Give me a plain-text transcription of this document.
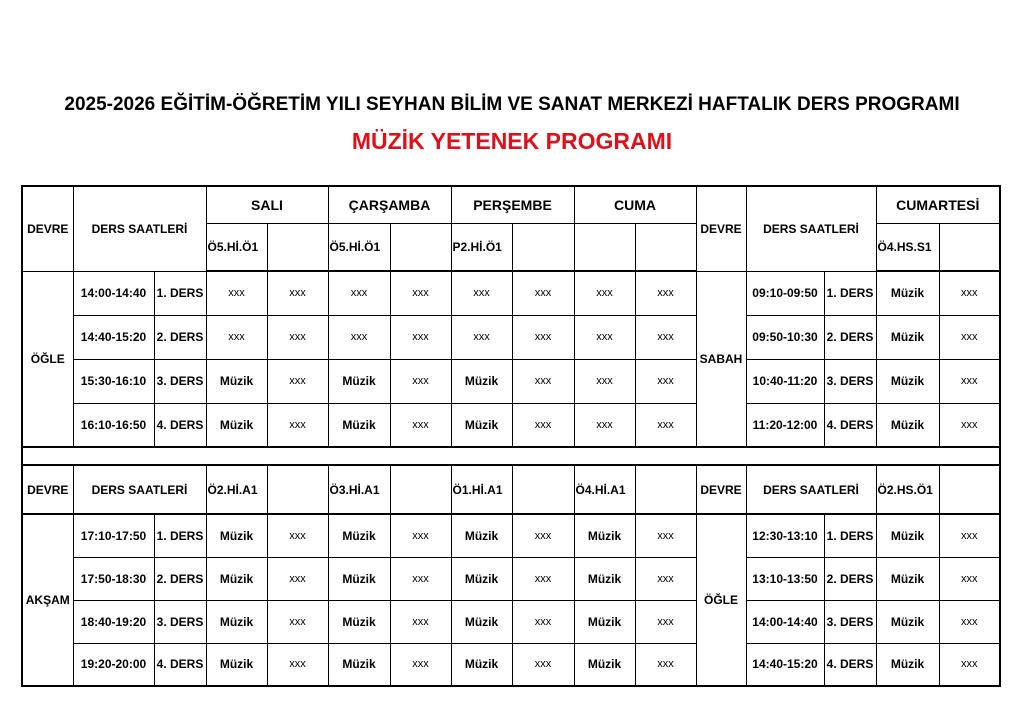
2025-2026 EĞİTİM-ÖĞRETİM YILI SEYHAN BİLİM VE SANAT MERKEZİ HAFTALIK DERS PROGRAMI
MÜZİK YETENEK PROGRAMI
DEVRE	DERS SAATLERİ		SALI		ÇARŞAMBA		PERŞEMBE		CUMA		DEVRE	DERS SAATLERİ		CUMARTESİ	
			Ö5.Hİ.Ö1		Ö5.Hİ.Ö1		P2.Hİ.Ö1							Ö4.HS.S1	
ÖĞLE	14:00-14:40	1. DERS	xxx	xxx	xxx	xxx	xxx	xxx	xxx	xxx	SABAH	09:10-09:50	1. DERS	Müzik	xxx
	14:40-15:20	2. DERS	xxx	xxx	xxx	xxx	xxx	xxx	xxx	xxx		09:50-10:30	2. DERS	Müzik	xxx
	15:30-16:10	3. DERS	Müzik	xxx	Müzik	xxx	Müzik	xxx	xxx	xxx		10:40-11:20	3. DERS	Müzik	xxx
	16:10-16:50	4. DERS	Müzik	xxx	Müzik	xxx	Müzik	xxx	xxx	xxx		11:20-12:00	4. DERS	Müzik	xxx
DEVRE	DERS SAATLERİ		Ö2.Hİ.A1		Ö3.Hİ.A1		Ö1.Hİ.A1		Ö4.Hİ.A1		DEVRE	DERS SAATLERİ		Ö2.HS.Ö1	
AKŞAM	17:10-17:50	1. DERS	Müzik	xxx	Müzik	xxx	Müzik	xxx	Müzik	xxx	ÖĞLE	12:30-13:10	1. DERS	Müzik	xxx
	17:50-18:30	2. DERS	Müzik	xxx	Müzik	xxx	Müzik	xxx	Müzik	xxx		13:10-13:50	2. DERS	Müzik	xxx
	18:40-19:20	3. DERS	Müzik	xxx	Müzik	xxx	Müzik	xxx	Müzik	xxx		14:00-14:40	3. DERS	Müzik	xxx
	19:20-20:00	4. DERS	Müzik	xxx	Müzik	xxx	Müzik	xxx	Müzik	xxx		14:40-15:20	4. DERS	Müzik	xxx
